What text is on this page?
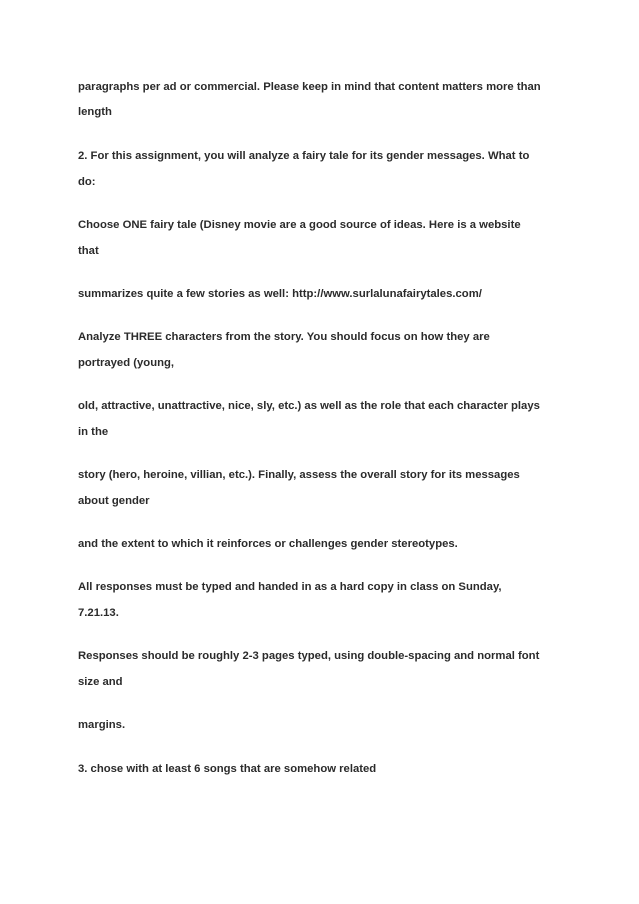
paragraphs per ad or commercial. Please keep in mind that content matters more than

length

2. For this assignment, you will analyze a fairy tale for its gender messages. What to

do:

Choose ONE fairy tale (Disney movie are a good source of ideas. Here is a website

that

summarizes quite a few stories as well: http://www.surlalunafairytales.com/

Analyze THREE characters from the story. You should focus on how they are

portrayed (young,

old, attractive, unattractive, nice, sly, etc.) as well as the role that each character plays

in the

story (hero, heroine, villian, etc.). Finally, assess the overall story for its messages

about gender

and the extent to which it reinforces or challenges gender stereotypes.

All responses must be typed and handed in as a hard copy in class on Sunday,

7.21.13.

Responses should be roughly 2-3 pages typed, using double-spacing and normal font

size and

margins.

3. chose with at least 6 songs that are somehow related
